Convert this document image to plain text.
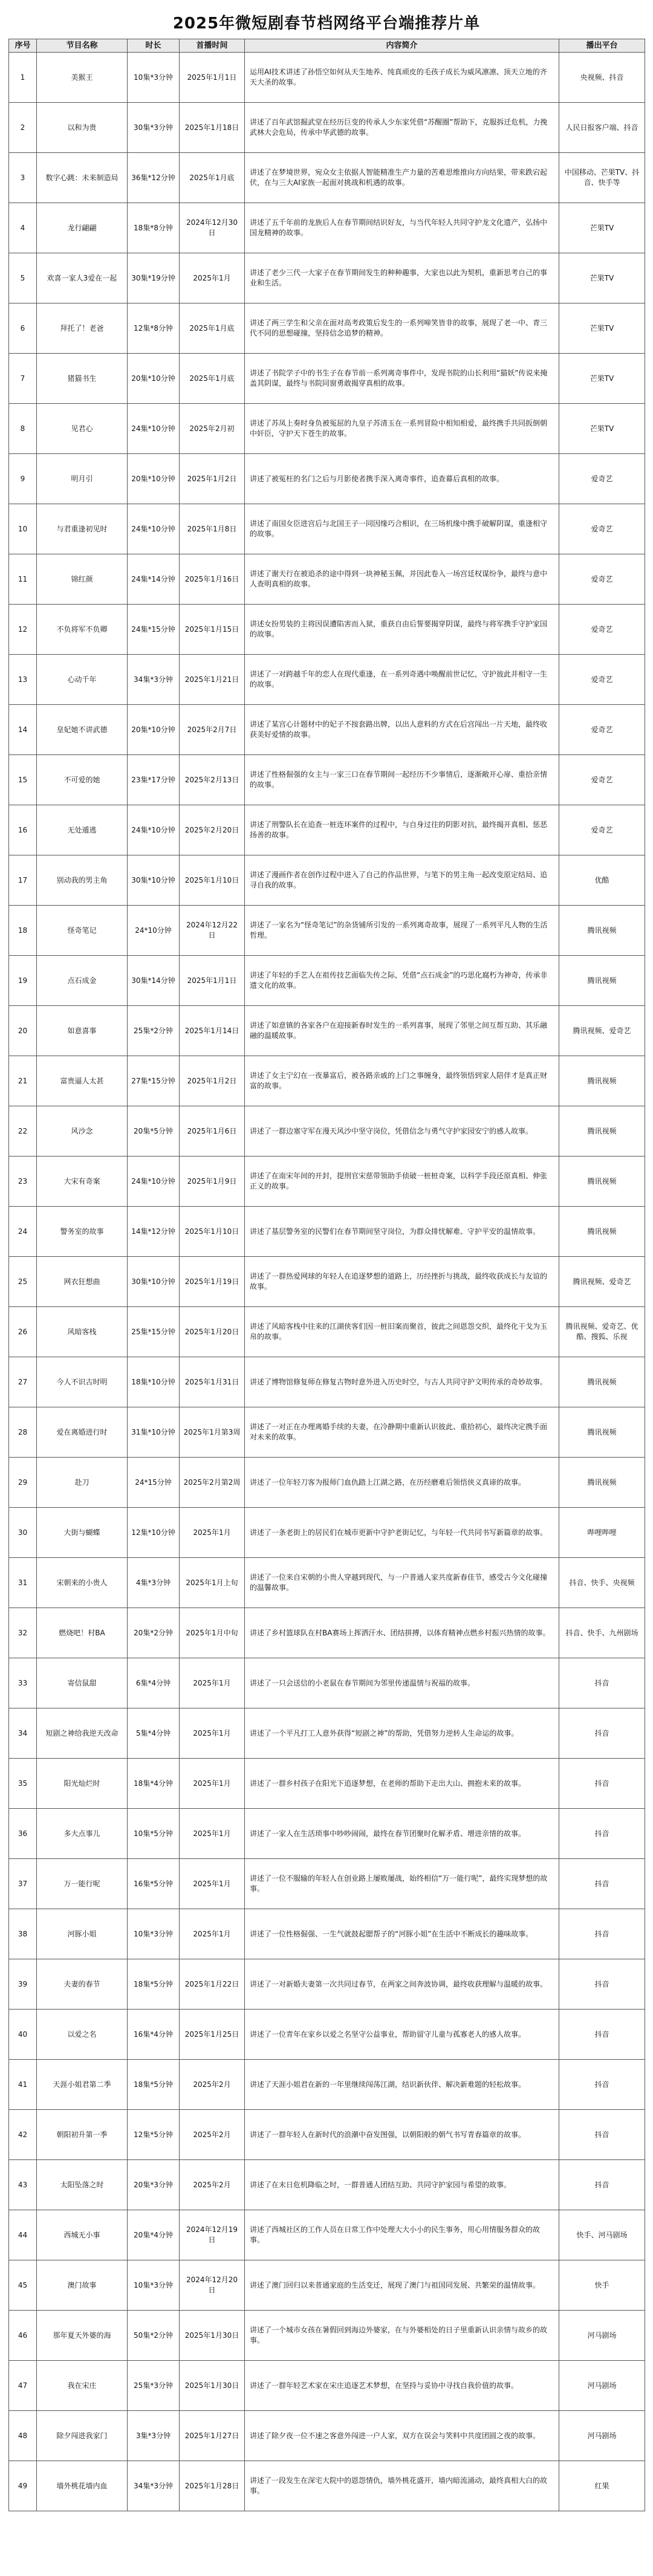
2025年微短剧春节档网络平台端推荐片单
序号	节目名称	时长	首播时间	内容简介	播出平台
1	美猴王	10集*3分钟	2025年1月1日	运用AI技术讲述了孙悟空如何从天生地养、纯真顽皮的毛孩子成长为威风凛凛、顶天立地的齐天大圣的故事。	央视频、抖音
2	以和为贵	30集*3分钟	2025年1月18日	讲述了百年武馆掘武堂在经历巨变的传承人少东家凭借“苏醒圈”帮助下，克服拆迁危机，力挽武林大会危局，传承中华武德的故事。	人民日报客户端、抖音
3	数字心跳：未来制造局	36集*12分钟	2025年1月底	讲述了在梦境世界，宛众女主依据人智能精准生产力量的苦难思维推向方向结果，带来跌宕起伏，在与三大AI家族一起面对挑战和机遇的故事。	中国移动、芒果TV、抖音、快手等
4	龙行翩翩	18集*8分钟	2024年12月30日	讲述了五千年前的龙族后人在春节期间结识好友，与当代年轻人共同守护龙文化遗产，弘扬中国龙精神的故事。	芒果TV
5	欢喜一家人3爱在一起	30集*19分钟	2025年1月	讲述了老少三代一大家子在春节期间发生的种种趣事，大家也以此为契机，重新思考自己的事业和生活。	芒果TV
6	拜托了！老爸	12集*8分钟	2025年1月底	讲述了两三学生和父亲在面对高考政策后发生的一系列啼笑皆非的故事，展现了老一中、青三代不同的思想碰撞，坚持信念追梦的精神。	芒果TV
7	猪猫书生	20集*10分钟	2025年1月底	讲述了书院学子中的书生子在春节前一系列离奇事件中，发现书院的山长利用“猫妖”传说来掩盖其阴谋，最终与书院同窗勇敢揭穿真相的故事。	芒果TV
8	见君心	24集*10分钟	2025年2月初	讲述了苏凤上奏时身负被冤屈的九皇子苏清玉在一系列冒险中相知相爱，最终携手共同扳倒朝中奸臣，守护天下苍生的故事。	芒果TV
9	明月引	20集*10分钟	2025年1月2日	讲述了被冤枉的名门之后与月影使者携手深入离奇事件，追查幕后真相的故事。	爱奇艺
10	与君重逢初见时	24集*10分钟	2025年1月8日	讲述了南国女臣进宫后与北国王子一同因缘巧合相识，在三场机缘中携手破解阴谋，重逢相守的故事。	爱奇艺
11	锦红颜	24集*14分钟	2025年1月16日	讲述了谢天行在被追杀的途中得到一块神秘玉佩，并因此卷入一场宫廷权谋纷争，最终与意中人查明真相的故事。	爱奇艺
12	不负将军不负卿	24集*15分钟	2025年1月15日	讲述女扮男装的主将因误遭陷害而入狱，重获自由后誓要揭穿阴谋，最终与将军携手守护家国的故事。	爱奇艺
13	心动千年	34集*3分钟	2025年1月21日	讲述了一对跨越千年的恋人在现代重逢，在一系列奇遇中唤醒前世记忆，守护彼此并相守一生的故事。	爱奇艺
14	皇妃她不讲武德	20集*10分钟	2025年2月7日	讲述了某宫心计题材中的妃子不按套路出牌，以出人意料的方式在后宫闯出一片天地，最终收获美好爱情的故事。	爱奇艺
15	不可爱的她	23集*17分钟	2025年2月13日	讲述了性格倔强的女主与一家三口在春节期间一起经历不少事情后，逐渐敞开心扉、重拾亲情的故事。	爱奇艺
16	无处遁逃	24集*10分钟	2025年2月20日	讲述了刑警队长在追查一桩连环案件的过程中，与自身过往的阴影对抗，最终揭开真相、惩恶扬善的故事。	爱奇艺
17	别动我的男主角	30集*10分钟	2025年1月10日	讲述了漫画作者在创作过程中进入了自己的作品世界，与笔下的男主角一起改变原定结局、追寻自我的故事。	优酷
18	怪奇笔记	24*10分钟	2024年12月22日	讲述了一家名为“怪奇笔记”的杂货铺所引发的一系列离奇故事，展现了一系列平凡人物的生活哲理。	腾讯视频
19	点石成金	30集*14分钟	2025年1月1日	讲述了年轻的手艺人在祖传技艺面临失传之际，凭借“点石成金”的巧思化腐朽为神奇，传承非遗文化的故事。	腾讯视频
20	如意喜事	25集*2分钟	2025年1月14日	讲述了如意镇的各家各户在迎接新春时发生的一系列喜事，展现了邻里之间互帮互助、其乐融融的温暖故事。	腾讯视频、爱奇艺
21	富贵逼人太甚	27集*15分钟	2025年1月2日	讲述了女主宁幻在一夜暴富后，被各路亲戚的上门之事缠身，最终领悟到家人陪伴才是真正财富的故事。	腾讯视频
22	风沙念	20集*5分钟	2025年1月6日	讲述了一群边塞守军在漫天风沙中坚守岗位，凭借信念与勇气守护家园安宁的感人故事。	腾讯视频
23	大宋有奇案	24集*10分钟	2025年1月9日	讲述了在南宋年间的开封，提刑官宋慈带领助手侦破一桩桩奇案，以科学手段还原真相、伸张正义的故事。	腾讯视频
24	警务室的故事	14集*12分钟	2025年1月10日	讲述了基层警务室的民警们在春节期间坚守岗位，为群众排忧解难、守护平安的温情故事。	腾讯视频
25	网衣狂想曲	30集*10分钟	2025年1月19日	讲述了一群热爱网球的年轻人在追逐梦想的道路上，历经挫折与挑战，最终收获成长与友谊的故事。	腾讯视频、爱奇艺
26	风暗客栈	25集*15分钟	2025年1月20日	讲述了风暗客栈中往来的江湖侠客们因一桩旧案而聚首，彼此之间恩怨交织，最终化干戈为玉帛的故事。	腾讯视频、爱奇艺、优酷、搜狐、乐视
27	今人不识古时明	18集*10分钟	2025年1月31日	讲述了博物馆修复师在修复古物时意外进入历史时空，与古人共同守护文明传承的奇妙故事。	腾讯视频
28	爱在离婚进行时	31集*10分钟	2025年1月第3周	讲述了一对正在办理离婚手续的夫妻，在冷静期中重新认识彼此、重拾初心，最终决定携手面对未来的故事。	腾讯视频
29	赴刀	24*15分钟	2025年2月第2周	讲述了一位年轻刀客为报师门血仇踏上江湖之路，在历经磨难后领悟侠义真谛的故事。	腾讯视频
30	大街与蝴蝶	12集*10分钟	2025年1月	讲述了一条老街上的居民们在城市更新中守护老街记忆，与年轻一代共同书写新篇章的故事。	哔哩哔哩
31	宋朝来的小贵人	4集*3分钟	2025年1月上旬	讲述了一位来自宋朝的小贵人穿越到现代，与一户普通人家共度新春佳节，感受古今文化碰撞的温馨故事。	抖音、快手、央视频
32	燃烧吧！村BA	20集*2分钟	2025年1月中旬	讲述了乡村篮球队在村BA赛场上挥洒汗水、团结拼搏，以体育精神点燃乡村振兴热情的故事。	抖音、快手、九州剧场
33	寄信鼠甜	6集*4分钟	2025年1月	讲述了一只会送信的小老鼠在春节期间为邻里传递温情与祝福的故事。	抖音
34	短剧之神给我逆天改命	5集*4分钟	2025年1月	讲述了一个平凡打工人意外获得“短剧之神”的帮助，凭借努力逆转人生命运的故事。	抖音
35	阳光灿烂时	18集*4分钟	2025年1月	讲述了一群乡村孩子在阳光下追逐梦想，在老师的帮助下走出大山、拥抱未来的故事。	抖音
36	多大点事儿	10集*5分钟	2025年1月	讲述了一家人在生活琐事中吵吵闹闹，最终在春节团聚时化解矛盾、增进亲情的故事。	抖音
37	万一能行呢	16集*5分钟	2025年1月	讲述了一位不服输的年轻人在创业路上屡败屡战，始终相信“万一能行呢”，最终实现梦想的故事。	抖音
38	河豚小姐	10集*3分钟	2025年1月	讲述了一位性格倔强、一生气就鼓起腮帮子的“河豚小姐”在生活中不断成长的趣味故事。	抖音
39	夫妻的春节	18集*5分钟	2025年1月22日	讲述了一对新婚夫妻第一次共同过春节，在两家之间奔波协调，最终收获理解与温暖的故事。	抖音
40	以爱之名	16集*4分钟	2025年1月25日	讲述了一位青年在家乡以爱之名坚守公益事业，帮助留守儿童与孤寡老人的感人故事。	抖音
41	天涯小姐君第二季	18集*5分钟	2025年2月	讲述了天涯小姐君在新的一年里继续闯荡江湖，结识新伙伴、解决新难题的轻松故事。	抖音
42	朝阳初升第一季	12集*5分钟	2025年2月	讲述了一群年轻人在新时代的浪潮中奋发图强，以朝阳般的朝气书写青春篇章的故事。	抖音
43	太阳坠落之时	20集*3分钟	2025年2月	讲述了在末日危机降临之时，一群普通人团结互助、共同守护家园与希望的故事。	抖音
44	西城无小事	20集*4分钟	2024年12月19日	讲述了西城社区的工作人员在日常工作中处理大大小小的民生事务，用心用情服务群众的故事。	快手、河马剧场
45	澳门故事	10集*3分钟	2024年12月20日	讲述了澳门回归以来普通家庭的生活变迁，展现了澳门与祖国同发展、共繁荣的温情故事。	快手
46	那年夏天外婆的海	50集*2分钟	2025年1月30日	讲述了一个城市女孩在暑假回到海边外婆家，在与外婆相处的日子里重新认识亲情与故乡的故事。	河马剧场
47	我在宋庄	25集*3分钟	2025年1月30日	讲述了一群年轻艺术家在宋庄追逐艺术梦想，在坚持与妥协中寻找自我价值的故事。	河马剧场
48	除夕闯进我家门	3集*3分钟	2025年1月27日	讲述了除夕夜一位不速之客意外闯进一户人家，双方在误会与笑料中共度团圆之夜的故事。	河马剧场
49	墙外桃花墙内血	34集*3分钟	2025年1月28日	讲述了一段发生在深宅大院中的恩怨情仇，墙外桃花盛开，墙内暗流涌动，最终真相大白的故事。	红果
